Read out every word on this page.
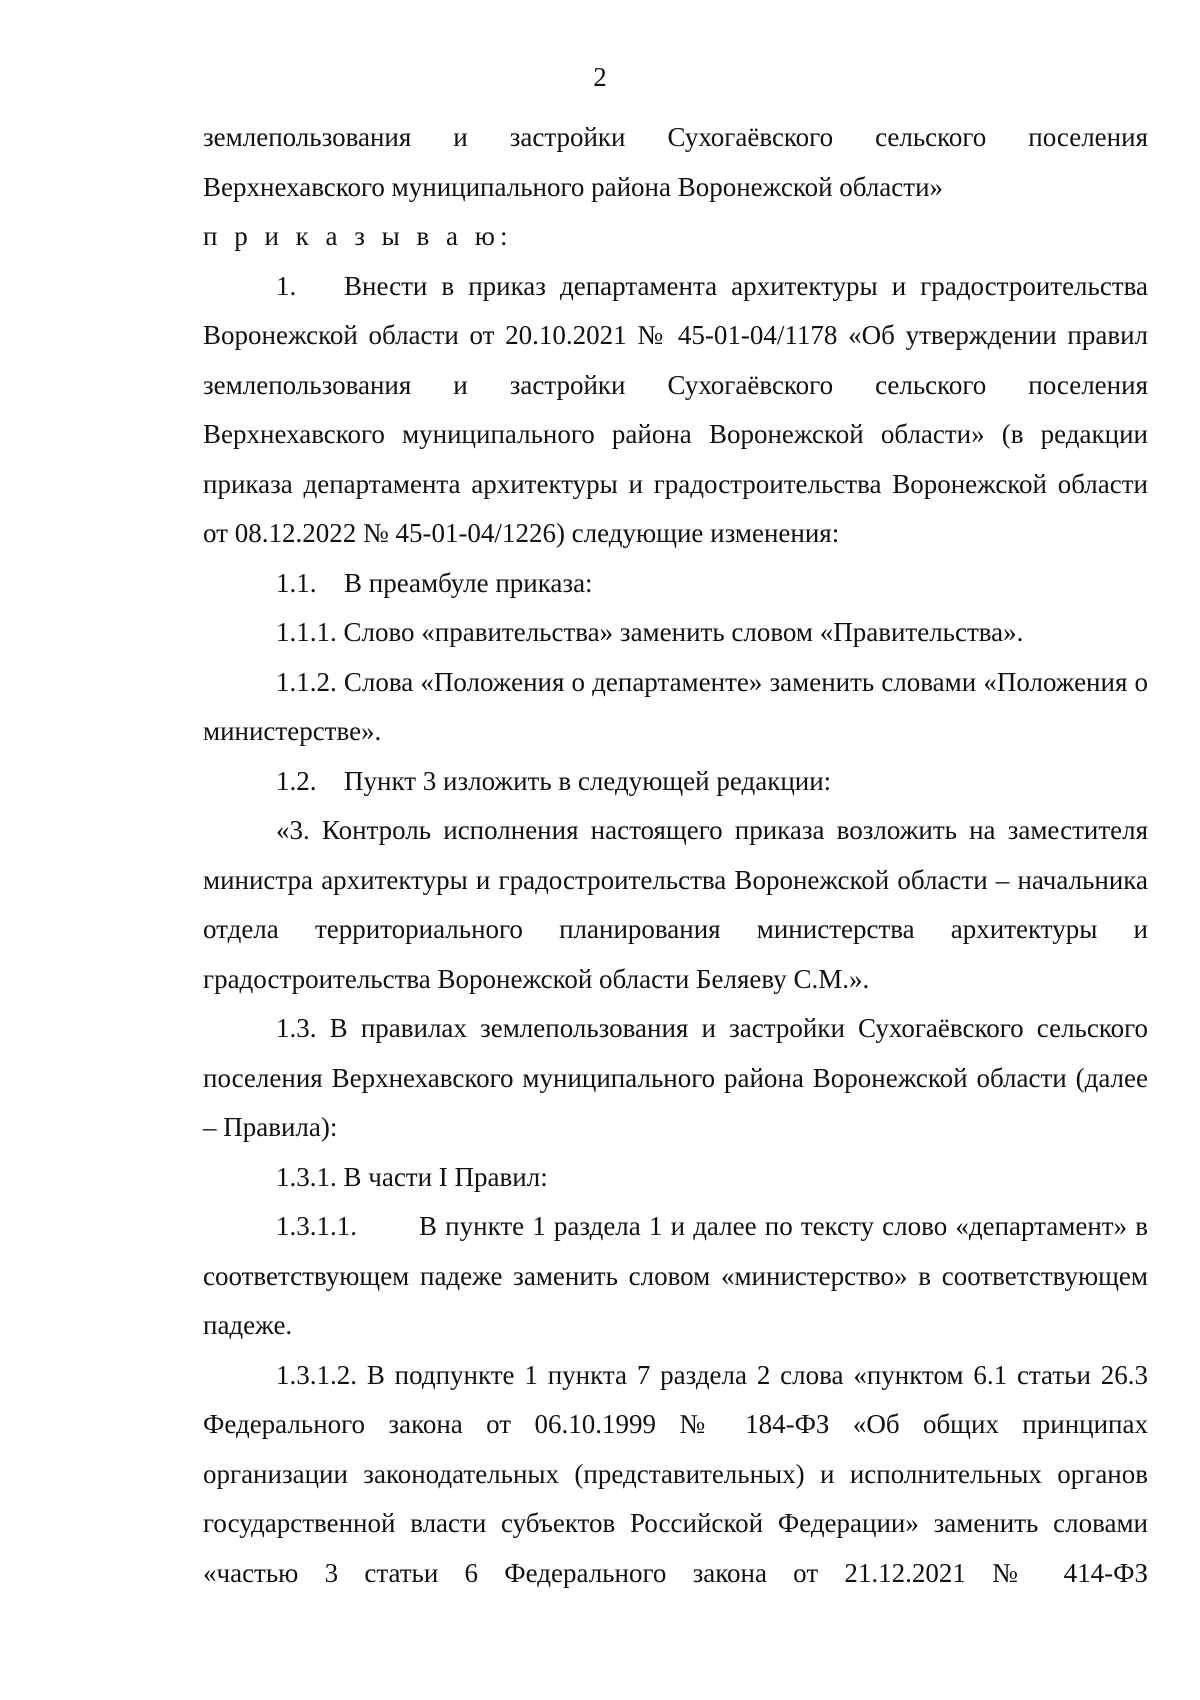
2

землепользования и застройки Сухогаёвского сельского поселения Верхнехавского муниципального района Воронежской области»

п р и к а з ы в а ю:

1. Внести в приказ департамента архитектуры и градостроительства Воронежской области от 20.10.2021 № 45-01-04/1178 «Об утверждении правил землепользования и застройки Сухогаёвского сельского поселения Верхнехавского муниципального района Воронежской области» (в редакции приказа департамента архитектуры и градостроительства Воронежской области от 08.12.2022 № 45-01-04/1226) следующие изменения:

1.1. В преамбуле приказа:

1.1.1. Слово «правительства» заменить словом «Правительства».

1.1.2. Слова «Положения о департаменте» заменить словами «Положения о министерстве».

1.2. Пункт 3 изложить в следующей редакции:

«3. Контроль исполнения настоящего приказа возложить на заместителя министра архитектуры и градостроительства Воронежской области – начальника отдела территориального планирования министерства архитектуры и градостроительства Воронежской области Беляеву С.М.».

1.3. В правилах землепользования и застройки Сухогаёвского сельского поселения Верхнехавского муниципального района Воронежской области (далее – Правила):

1.3.1. В части I Правил:

1.3.1.1. В пункте 1 раздела 1 и далее по тексту слово «департамент» в соответствующем падеже заменить словом «министерство» в соответствующем падеже.

1.3.1.2. В подпункте 1 пункта 7 раздела 2 слова «пунктом 6.1 статьи 26.3 Федерального закона от 06.10.1999 № 184-ФЗ «Об общих принципах организации законодательных (представительных) и исполнительных органов государственной власти субъектов Российской Федерации» заменить словами «частью 3 статьи 6 Федерального закона от 21.12.2021 № 414-ФЗ
